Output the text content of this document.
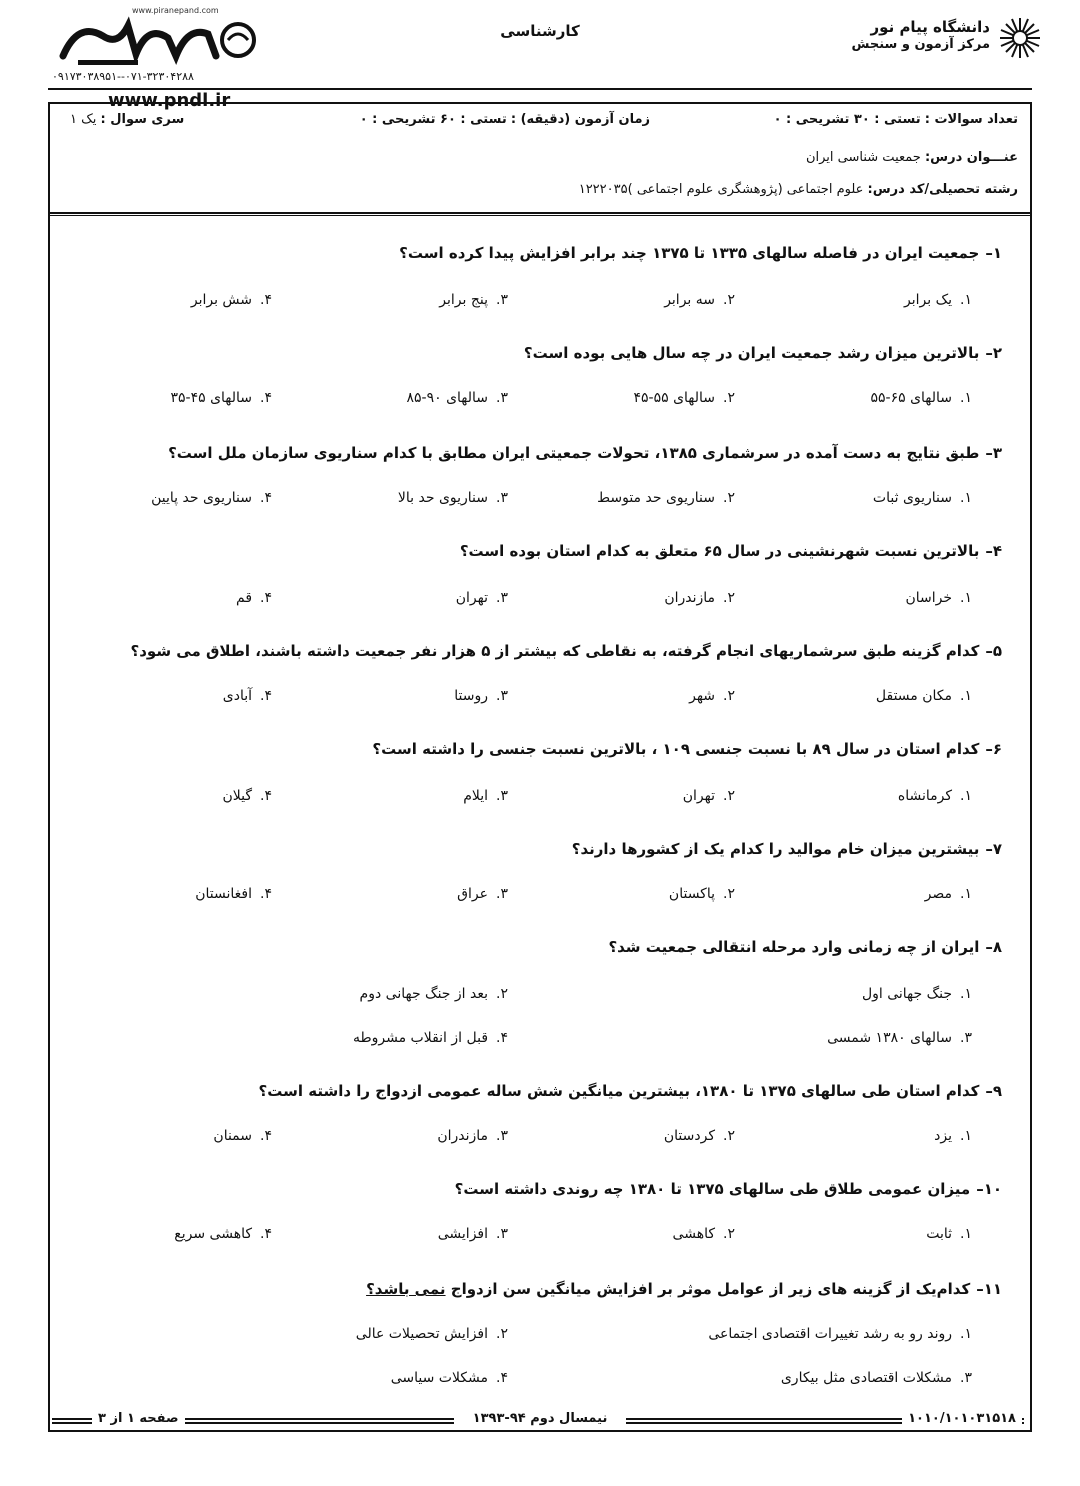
دانشگاه پیام نور
مرکز آزمون و سنجش
کارشناسی
www.piranepand.com
۰۷۱-۳۲۳۰۴۲۸۸--۰۹۱۷۳۰۳۸۹۵۱
www.pndl.ir
تعداد سوالات : تستی : ۳۰ تشریحی : ۰
زمان آزمون (دقیقه) : تستی : ۶۰ تشریحی : ۰
سری سوال : یک ۱
عنـــوان درس: جمعیت شناسی ایران
رشته تحصیلی/کد درس: علوم اجتماعی (پژوهشگری علوم اجتماعی )۱۲۲۲۰۳۵
۱–جمعیت ایران در فاصله سالهای ۱۳۳۵ تا ۱۳۷۵ چند برابر افزایش پیدا کرده است؟
۱.یک برابر
۲.سه برابر
۳.پنج برابر
۴.شش برابر
۲–بالاترین میزان رشد جمعیت ایران در چه سال هایی بوده است؟
۱.سالهای ۶۵-۵۵
۲.سالهای ۵۵-۴۵
۳.سالهای ۹۰-۸۵
۴.سالهای ۴۵-۳۵
۳–طبق نتایج به دست آمده در سرشماری ۱۳۸۵، تحولات جمعیتی ایران مطابق با کدام سناریوی سازمان ملل است؟
۱.سناریوی ثبات
۲.سناریوی حد متوسط
۳.سناریوی حد بالا
۴.سناریوی حد پایین
۴–بالاترین نسبت شهرنشینی در سال ۶۵ متعلق به کدام استان بوده است؟
۱.خراسان
۲.مازندران
۳.تهران
۴.قم
۵–کدام گزینه طبق سرشماریهای انجام گرفته، به نقاطی که بیشتر از ۵ هزار نفر جمعیت داشته باشند، اطلاق می شود؟
۱.مکان مستقل
۲.شهر
۳.روستا
۴.آبادی
۶–کدام استان در سال ۸۹ با نسبت جنسی ۱۰۹ ، بالاترین نسبت جنسی را داشته است؟
۱.کرمانشاه
۲.تهران
۳.ایلام
۴.گیلان
۷–بیشترین میزان خام موالید را کدام یک از کشورها دارند؟
۱.مصر
۲.پاکستان
۳.عراق
۴.افغانستان
۸–ایران از چه زمانی وارد مرحله انتقالی جمعیت شد؟
۱.جنگ جهانی اول
۲.بعد از جنگ جهانی دوم
۳.سالهای ۱۳۸۰ شمسی
۴.قبل از انقلاب مشروطه
۹–کدام استان طی سالهای ۱۳۷۵ تا ۱۳۸۰، بیشترین میانگین شش ساله عمومی ازدواج را داشته است؟
۱.یزد
۲.کردستان
۳.مازندران
۴.سمنان
۱۰–میزان عمومی طلاق طی سالهای ۱۳۷۵ تا ۱۳۸۰ چه روندی داشته است؟
۱.ثابت
۲.کاهشی
۳.افزایشی
۴.کاهشی سریع
۱۱–کدام‌یک از گزینه های زیر از عوامل موثر بر افزایش میانگین سن ازدواج نمی باشد؟
۱.روند رو به رشد تغییرات اقتصادی اجتماعی
۲.افزایش تحصیلات عالی
۳.مشکلات اقتصادی مثل بیکاری
۴.مشکلات سیاسی
صفحه ۱ از ۳	نیمسال دوم ۹۴-۱۳۹۳	۱۰۱۰/۱۰۱۰۳۱۵۱۸
